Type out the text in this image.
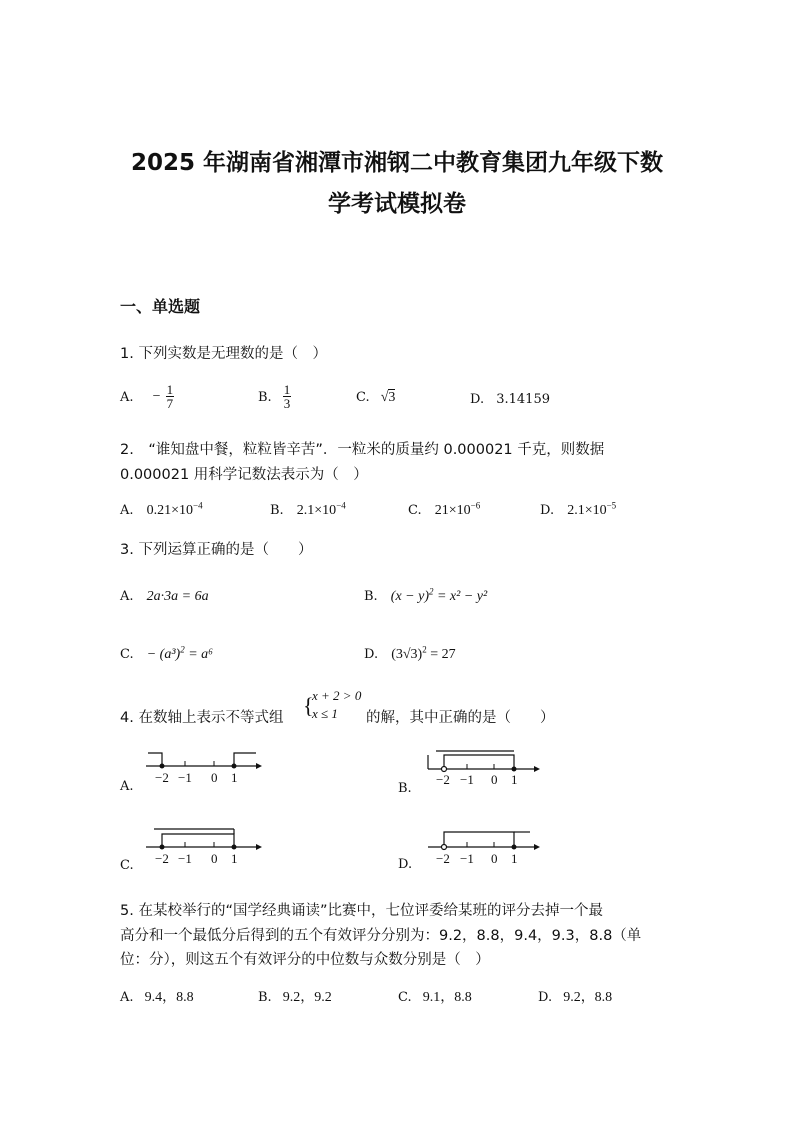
2025 年湖南省湘潭市湘钢二中教育集团九年级下数
学考试模拟卷
一、单选题
1. 下列实数是无理数的是（　）
A. − $\frac{1}{7}$	B. $\frac{1}{3}$	C. √3	D. 3.14159
2.　“谁知盘中餐，粒粒皆辛苦”．一粒米的质量约 0.000021 千克，则数据
0.000021 用科学记数法表示为（　）
A. $0.21\times 10^{-4}$	B. $2.1\times 10^{-4}$	C. $21\times 10^{-6}$	D. $2.1\times 10^{-5}$
3. 下列运算正确的是（　　）
A. 2a·3a = 6a	B. $(x - y)^2 = x^2 - y^2$
C. − $(a^3)^2 = a^6$	D. $(3√3)^2 = 27$
4. 在数轴上表示不等式组 {
x + 2 > 0
x ≤ 1 的解，其中正确的是（　　）
A.	B.
C.	D.
−2 −1 0 1	−2 −1 0 1
−2 −1 0 1	−2 −1 0 1
5. 在某校举行的“国学经典诵读”比赛中，七位评委给某班的评分去掉一个最
高分和一个最低分后得到的五个有效评分分别为：9.2，8.8，9.4，9.3，8.8（单
位：分），则这五个有效评分的中位数与众数分别是（　）
A. 9.4，8.8	B. 9.2，9.2	C. 9.1，8.8	D. 9.2，8.8
